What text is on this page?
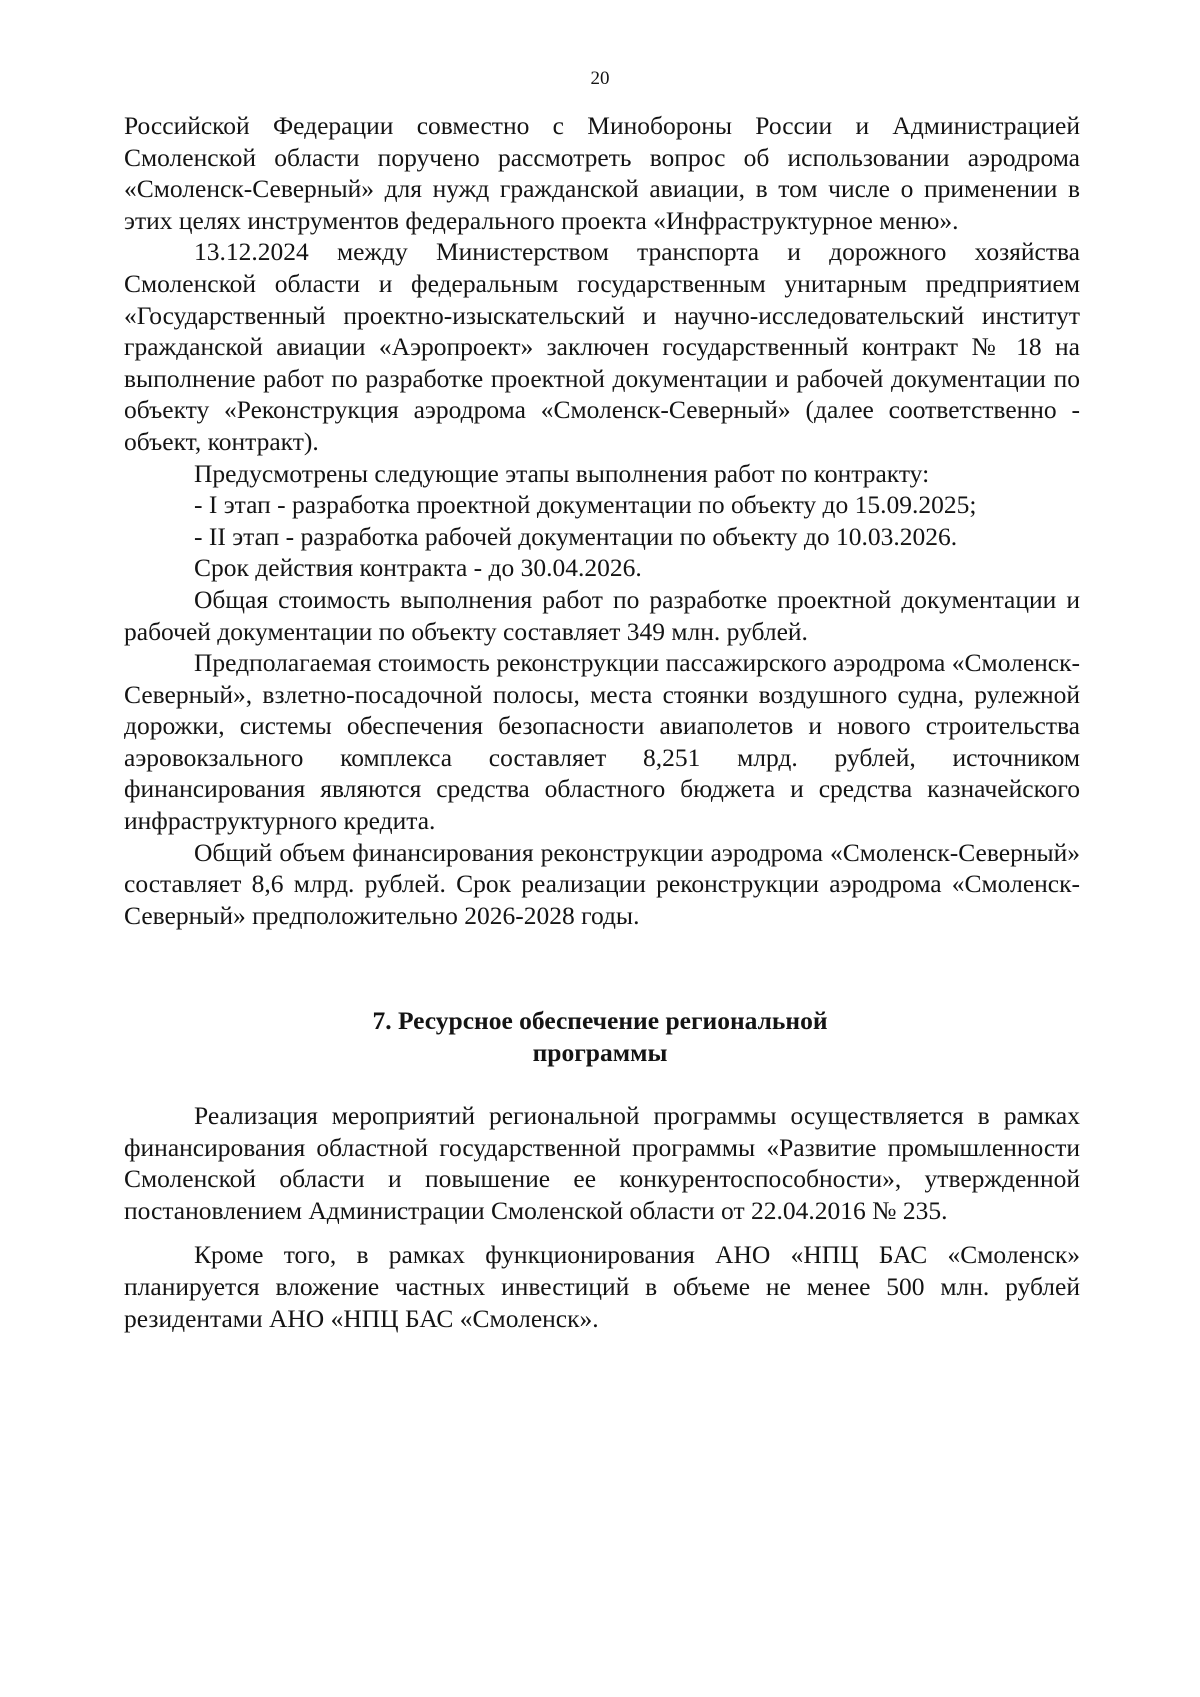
20

Российской Федерации совместно с Минобороны России и Администрацией Смоленской области поручено рассмотреть вопрос об использовании аэродрома «Смоленск-Северный» для нужд гражданской авиации, в том числе о применении в этих целях инструментов федерального проекта «Инфраструктурное меню».

13.12.2024 между Министерством транспорта и дорожного хозяйства Смоленской области и федеральным государственным унитарным предприятием «Государственный проектно-изыскательский и научно-исследовательский институт гражданской авиации «Аэропроект» заключен государственный контракт № 18 на выполнение работ по разработке проектной документации и рабочей документации по объекту «Реконструкция аэродрома «Смоленск-Северный» (далее соответственно - объект, контракт).

Предусмотрены следующие этапы выполнения работ по контракту:

- I этап - разработка проектной документации по объекту до 15.09.2025;

- II этап - разработка рабочей документации по объекту до 10.03.2026.

Срок действия контракта - до 30.04.2026.

Общая стоимость выполнения работ по разработке проектной документации и рабочей документации по объекту составляет 349 млн. рублей.

Предполагаемая стоимость реконструкции пассажирского аэродрома «Смоленск-Северный», взлетно-посадочной полосы, места стоянки воздушного судна, рулежной дорожки, системы обеспечения безопасности авиаполетов и нового строительства аэровокзального комплекса составляет 8,251 млрд. рублей, источником финансирования являются средства областного бюджета и средства казначейского инфраструктурного кредита.

Общий объем финансирования реконструкции аэродрома «Смоленск-Северный» составляет 8,6 млрд. рублей. Срок реализации реконструкции аэродрома «Смоленск-Северный» предположительно 2026-2028 годы.

7. Ресурсное обеспечение региональной
программы

Реализация мероприятий региональной программы осуществляется в рамках финансирования областной государственной программы «Развитие промышленности Смоленской области и повышение ее конкурентоспособности», утвержденной постановлением Администрации Смоленской области от 22.04.2016 № 235.

Кроме того, в рамках функционирования АНО «НПЦ БАС «Смоленск» планируется вложение частных инвестиций в объеме не менее 500 млн. рублей резидентами АНО «НПЦ БАС «Смоленск».
